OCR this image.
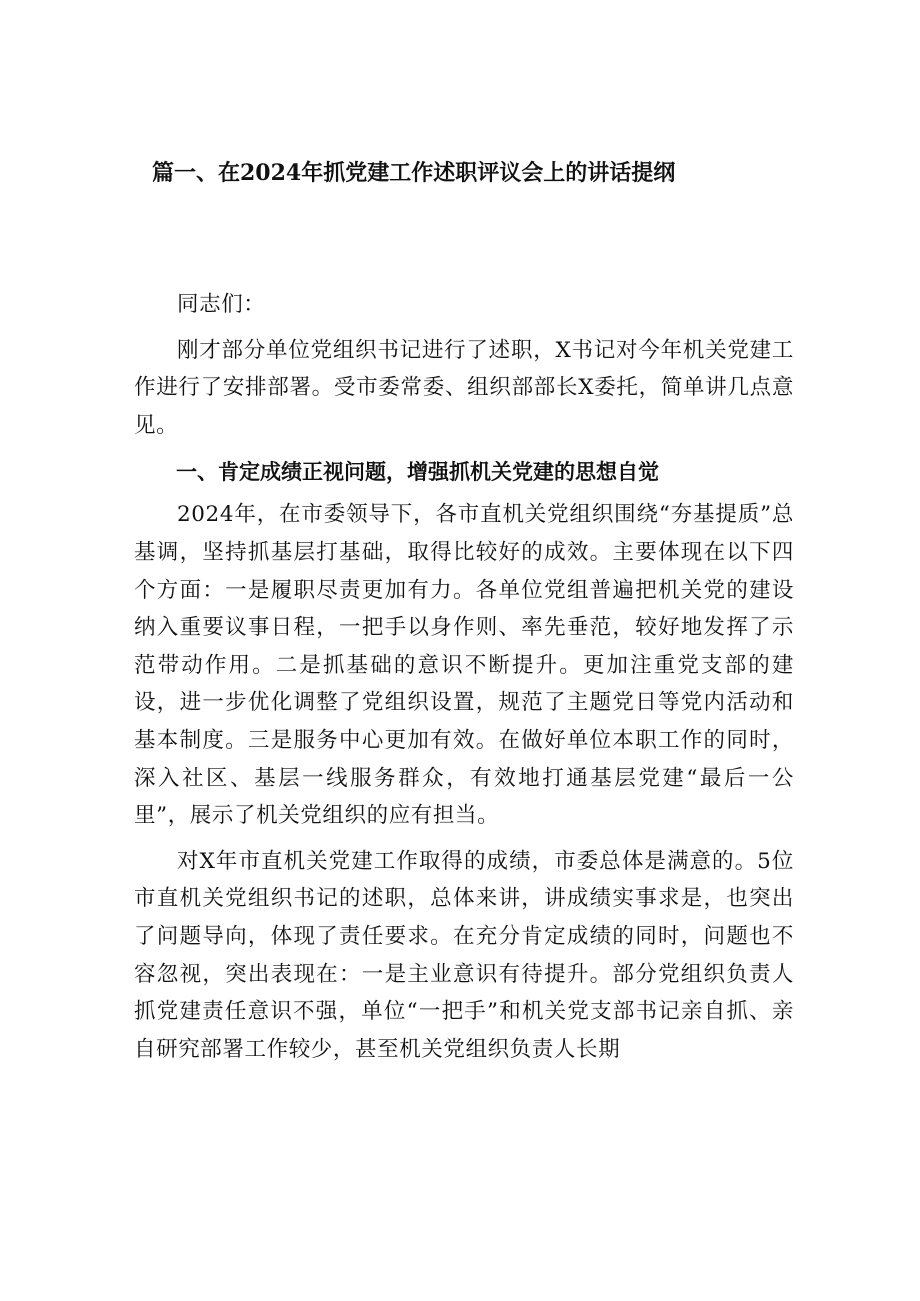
篇一、在2024年抓党建工作述职评议会上的讲话提纲

同志们：

刚才部分单位党组织书记进行了述职，X书记对今年机关党建工作进行了安排部署。受市委常委、组织部部长X委托，简单讲几点意见。

一、肯定成绩正视问题，增强抓机关党建的思想自觉

2024年，在市委领导下，各市直机关党组织围绕“夯基提质”总基调，坚持抓基层打基础，取得比较好的成效。主要体现在以下四个方面：一是履职尽责更加有力。各单位党组普遍把机关党的建设纳入重要议事日程，一把手以身作则、率先垂范，较好地发挥了示范带动作用。二是抓基础的意识不断提升。更加注重党支部的建设，进一步优化调整了党组织设置，规范了主题党日等党内活动和基本制度。三是服务中心更加有效。在做好单位本职工作的同时，深入社区、基层一线服务群众，有效地打通基层党建“最后一公里”，展示了机关党组织的应有担当。

对X年市直机关党建工作取得的成绩，市委总体是满意的。5位市直机关党组织书记的述职，总体来讲，讲成绩实事求是，也突出了问题导向，体现了责任要求。在充分肯定成绩的同时，问题也不容忽视，突出表现在：一是主业意识有待提升。部分党组织负责人抓党建责任意识不强，单位“一把手”和机关党支部书记亲自抓、亲自研究部署工作较少，甚至机关党组织负责人长期
